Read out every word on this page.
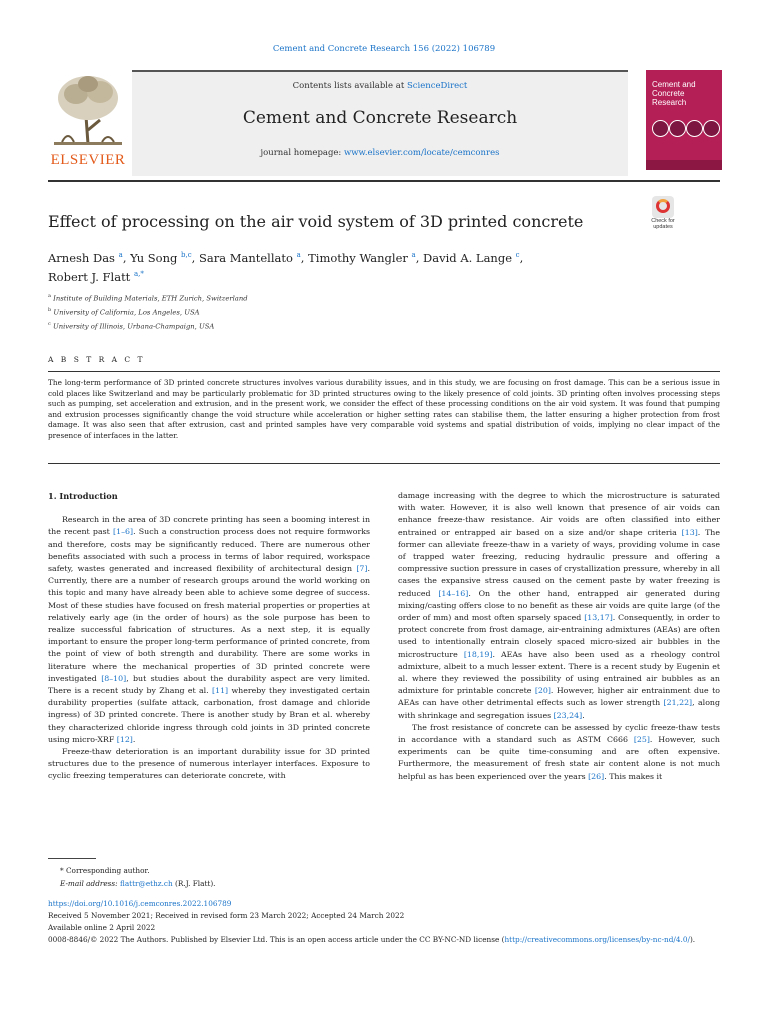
Cement and Concrete Research 156 (2022) 106789
ELSEVIER
Contents lists available at ScienceDirect
Cement and Concrete Research
journal homepage: www.elsevier.com/locate/cemconres
Cement and
Concrete
Research
Effect of processing on the air void system of 3D printed concrete	Check for
updates
Arnesh Das $^a$, Yu Song $^{b,c}$, Sara Mantellato $^a$, Timothy Wangler $^a$, David A. Lange $^c$,
Robert J. Flatt $^{a,*}$
$^a$ Institute of Building Materials, ETH Zurich, Switzerland
$^b$ University of California, Los Angeles, USA
$^c$ University of Illinois, Urbana-Champaign, USA
A B S T R A C T

The long-term performance of 3D printed concrete structures involves various durability issues, and in this study, we are focusing on frost damage. This can be a serious issue in cold places like Switzerland and may be particularly problematic for 3D printed structures owing to the likely presence of cold joints. 3D printing often involves processing steps such as pumping, set acceleration and extrusion, and in the present work, we consider the effect of these processing conditions on the air void system. It was found that pumping and extrusion processes significantly change the void structure while acceleration or higher setting rates can stabilise them, the latter ensuring a higher protection from frost damage. It was also seen that after extrusion, cast and printed samples have very comparable void systems and spatial distribution of voids, implying no clear impact of the presence of interfaces in the latter.

1. Introduction

Research in the area of 3D concrete printing has seen a booming interest in the recent past [1–6]. Such a construction process does not require formworks and therefore, costs may be significantly reduced. There are numerous other benefits associated with such a process in terms of labor required, workspace safety, wastes generated and increased flexibility of architectural design [7]. Currently, there are a number of research groups around the world working on this topic and many have already been able to achieve some degree of success. Most of these studies have focused on fresh material properties or properties at relatively early age (in the order of hours) as the sole purpose has been to realize successful fabrication of structures. As a next step, it is equally important to ensure the proper long-term performance of printed concrete, from the point of view of both strength and durability. There are some works in literature where the mechanical properties of 3D printed concrete were investigated [8–10], but studies about the durability aspect are very limited. There is a recent study by Zhang et al. [11] whereby they investigated certain durability properties (sulfate attack, carbonation, frost damage and chloride ingress) of 3D printed concrete. There is another study by Bran et al. whereby they characterized chloride ingress through cold joints in 3D printed concrete using micro-XRF [12].

Freeze-thaw deterioration is an important durability issue for 3D printed structures due to the presence of numerous interlayer interfaces. Exposure to cyclic freezing temperatures can deteriorate concrete, with

damage increasing with the degree to which the microstructure is saturated with water. However, it is also well known that presence of air voids can enhance freeze-thaw resistance. Air voids are often classified into either entrained or entrapped air based on a size and/or shape criteria [13]. The former can alleviate freeze-thaw in a variety of ways, providing volume in case of trapped water freezing, reducing hydraulic pressure and offering a compressive suction pressure in cases of crystallization pressure, whereby in all cases the expansive stress caused on the cement paste by water freezing is reduced [14–16]. On the other hand, entrapped air generated during mixing/casting offers close to no benefit as these air voids are quite large (of the order of mm) and most often sparsely spaced [13,17]. Consequently, in order to protect concrete from frost damage, air-entraining admixtures (AEAs) are often used to intentionally entrain closely spaced micro-sized air bubbles in the microstructure [18,19]. AEAs have also been used as a rheology control admixture, albeit to a much lesser extent. There is a recent study by Eugenin et al. where they reviewed the possibility of using entrained air bubbles as an admixture for printable concrete [20]. However, higher air entrainment due to AEAs can have other detrimental effects such as lower strength [21,22], along with shrinkage and segregation issues [23,24].

The frost resistance of concrete can be assessed by cyclic freeze-thaw tests in accordance with a standard such as ASTM C666 [25]. However, such experiments can be quite time-consuming and are often expensive. Furthermore, the measurement of fresh state air content alone is not much helpful as has been experienced over the years [26]. This makes it

* Corresponding author.
E-mail address: flattr@ethz.ch (R.J. Flatt).
https://doi.org/10.1016/j.cemconres.2022.106789
Received 5 November 2021; Received in revised form 23 March 2022; Accepted 24 March 2022
Available online 2 April 2022
0008-8846/© 2022 The Authors. Published by Elsevier Ltd. This is an open access article under the CC BY-NC-ND license (http://creativecommons.org/licenses/by-nc-nd/4.0/).
